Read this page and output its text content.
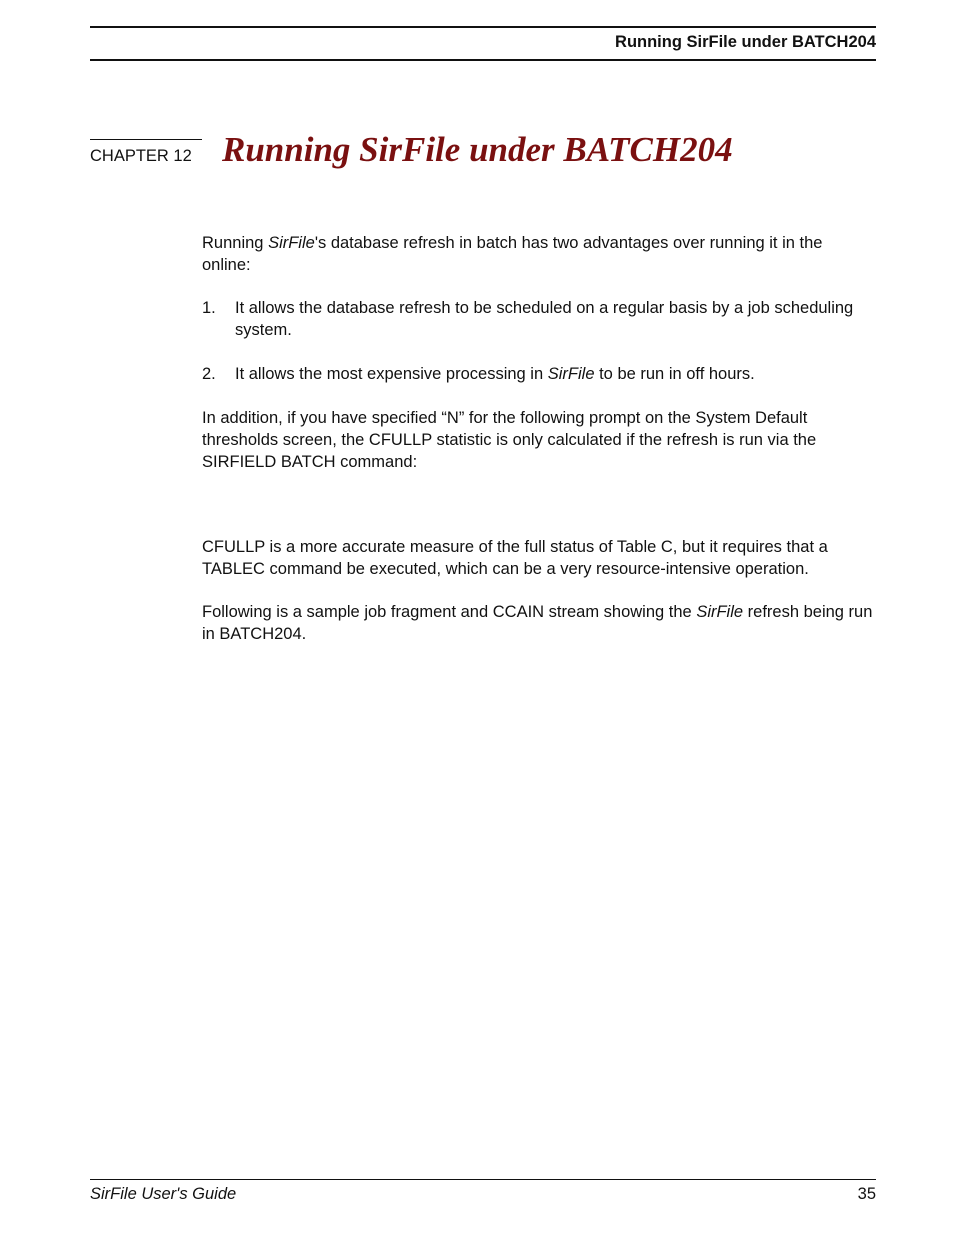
Running SirFile under BATCH204
CHAPTER 12 Running SirFile under BATCH204

Running SirFile's database refresh in batch has two advantages over running it in the online:

1.	It allows the database refresh to be scheduled on a regular basis by a job scheduling system.
2.	It allows the most expensive processing in SirFile to be run in off hours.

In addition, if you have specified “N” for the following prompt on the System Default thresholds screen, the CFULLP statistic is only calculated if the refresh is run via the SIRFIELD BATCH command:

CFULLP is a more accurate measure of the full status of Table C, but it requires that a TABLEC command be executed, which can be a very resource-intensive operation.

Following is a sample job fragment and CCAIN stream showing the SirFile refresh being run in BATCH204.

SirFile User's Guide	35
